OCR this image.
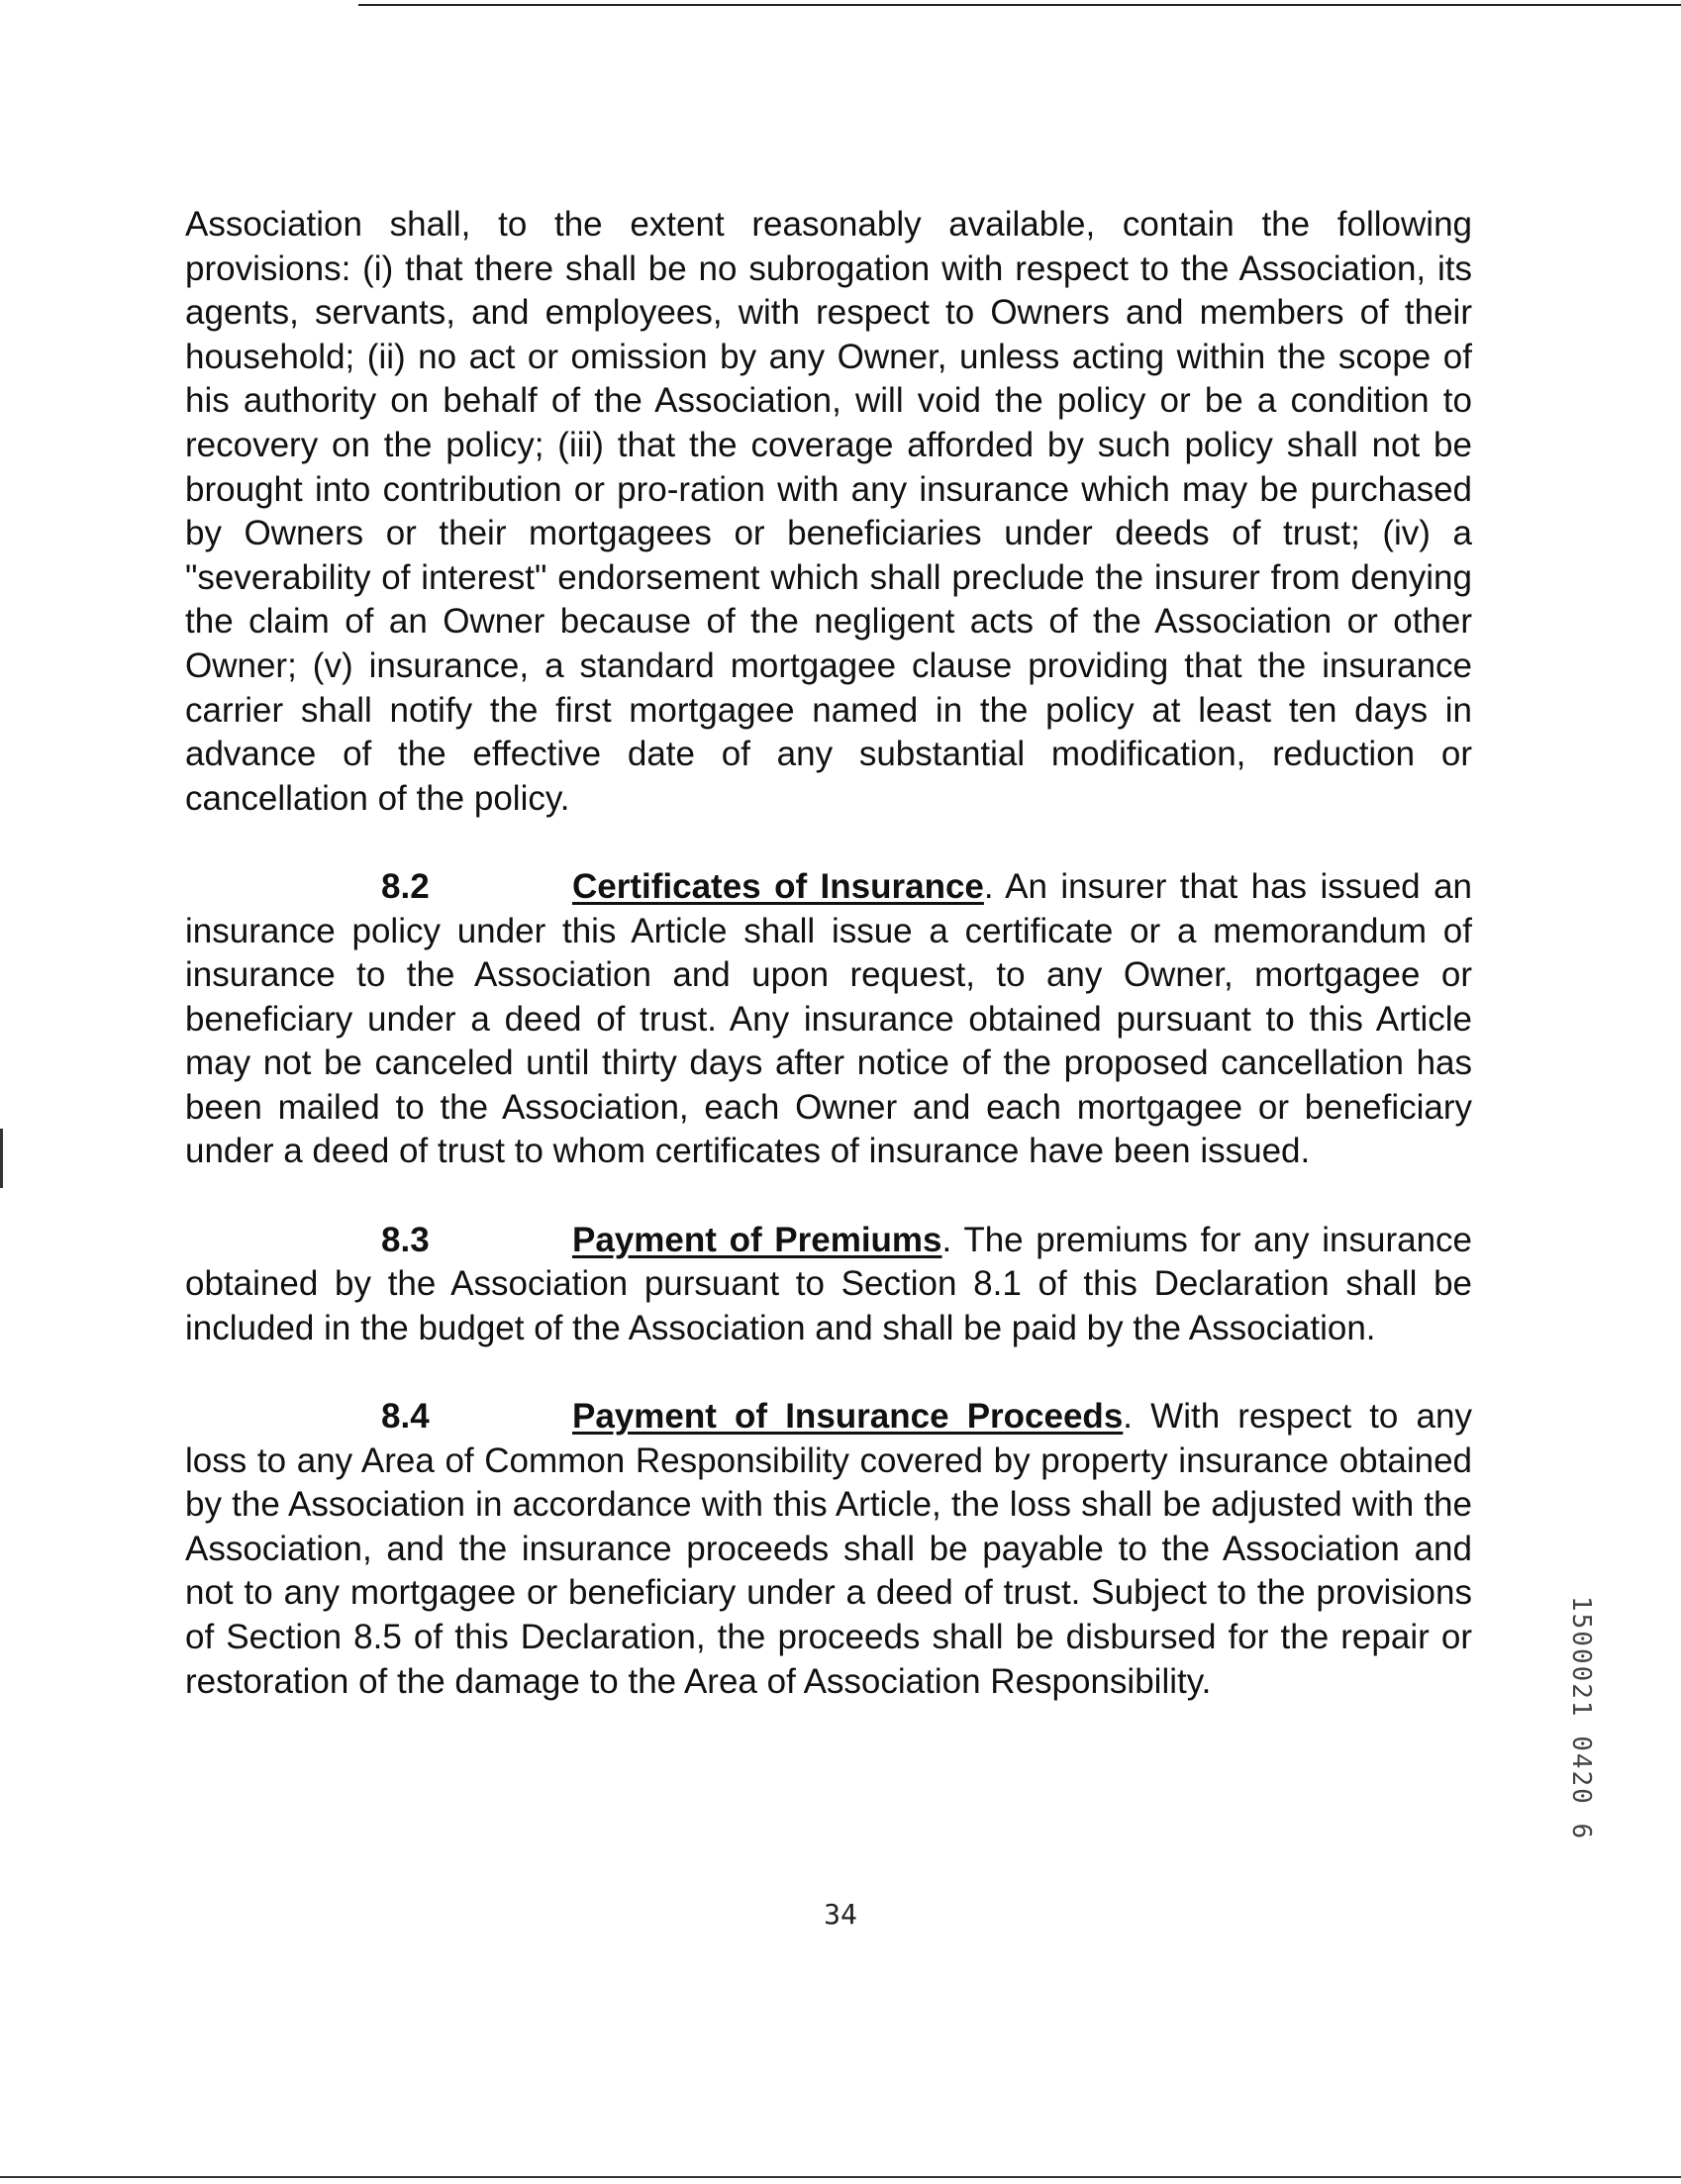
Association shall, to the extent reasonably available, contain the following provisions: (i) that there shall be no subrogation with respect to the Association, its agents, servants, and employees, with respect to Owners and members of their household; (ii) no act or omission by any Owner, unless acting within the scope of his authority on behalf of the Association, will void the policy or be a condition to recovery on the policy; (iii) that the coverage afforded by such policy shall not be brought into contribution or pro-ration with any insurance which may be purchased by Owners or their mortgagees or beneficiaries under deeds of trust; (iv) a "severability of interest" endorsement which shall preclude the insurer from denying the claim of an Owner because of the negligent acts of the Association or other Owner; (v) insurance, a standard mortgagee clause providing that the insurance carrier shall notify the first mortgagee named in the policy at least ten days in advance of the effective date of any substantial modification, reduction or cancellation of the policy.

8.2	Certificates of Insurance. An insurer that has issued an insurance policy under this Article shall issue a certificate or a memorandum of insurance to the Association and upon request, to any Owner, mortgagee or beneficiary under a deed of trust. Any insurance obtained pursuant to this Article may not be canceled until thirty days after notice of the proposed cancellation has been mailed to the Association, each Owner and each mortgagee or beneficiary under a deed of trust to whom certificates of insurance have been issued.

8.3	Payment of Premiums. The premiums for any insurance obtained by the Association pursuant to Section 8.1 of this Declaration shall be included in the budget of the Association and shall be paid by the Association.

8.4	Payment of Insurance Proceeds. With respect to any loss to any Area of Common Responsibility covered by property insurance obtained by the Association in accordance with this Article, the loss shall be adjusted with the Association, and the insurance proceeds shall be payable to the Association and not to any mortgagee or beneficiary under a deed of trust. Subject to the provisions of Section 8.5 of this Declaration, the proceeds shall be disbursed for the repair or restoration of the damage to the Area of Association Responsibility.

34
1500021 0420 6
